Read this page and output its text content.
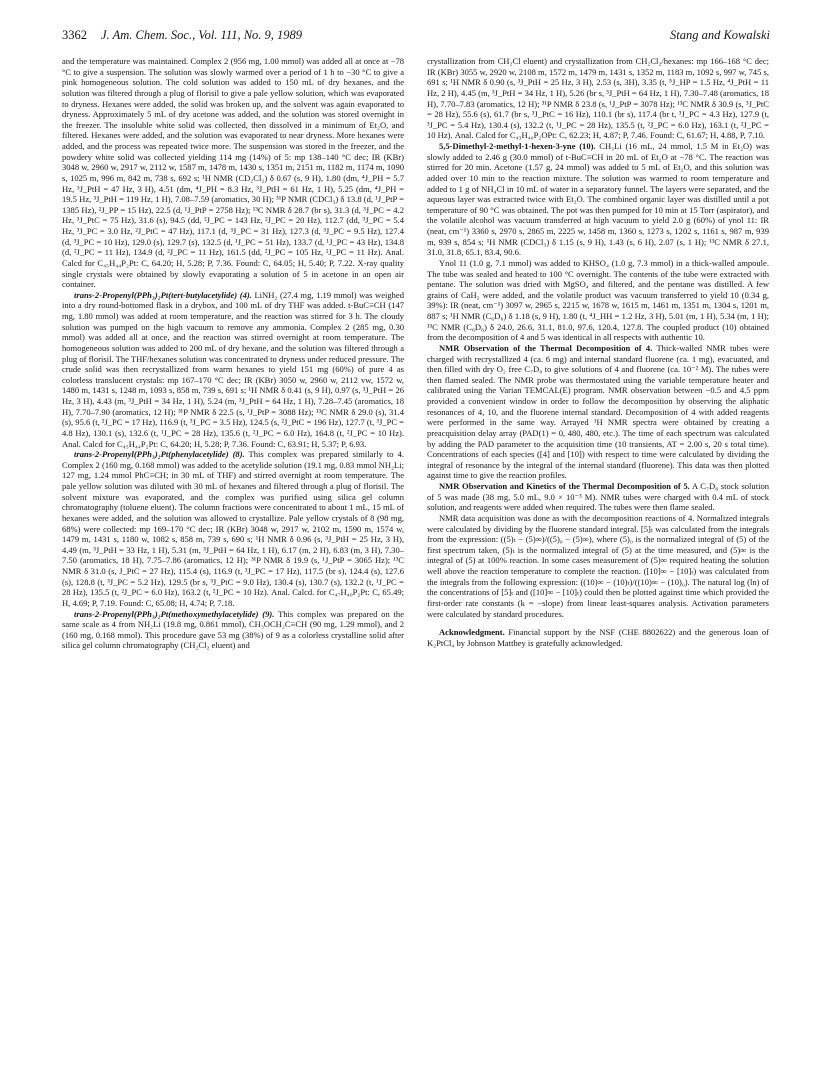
3362 J. Am. Chem. Soc., Vol. 111, No. 9, 1989	Stang and Kowalski

and the temperature was maintained. Complex 2 (956 mg, 1.00 mmol) was added all at once at −78 °C to give a suspension. The solution was slowly warmed over a period of 1 h to −30 °C to give a pink homogeneous solution. The cold solution was added to 150 mL of dry hexanes, and the solution was filtered through a plug of florisil to give a pale yellow solution, which was evaporated to dryness. Hexanes were added, the solid was broken up, and the solvent was again evaporated to dryness. Approximately 5 mL of dry acetone was added, and the solution was stored overnight in the freezer. The insoluble white solid was collected, then dissolved in a minimum of Et₂O, and filtered. Hexanes were added, and the solution was evaporated to near dryness. More hexanes were added, and the process was repeated twice more. The suspension was stored in the freezer, and the powdery white solid was collected yielding 114 mg (14%) of 5: mp 138–140 °C dec; IR (KBr) 3048 w, 2960 w, 2917 w, 2112 w, 1587 m, 1478 m, 1430 s, 1351 m, 2151 m, 1182 m, 1174 m, 1090 s, 1025 m, 996 m, 842 m, 738 s, 692 s; ¹H NMR (CD₂Cl₂) δ 0.67 (s, 9 H), 1.80 (dm, ⁴J_PH = 5.7 Hz, ³J_PtH = 47 Hz, 3 H), 4.51 (dm, ⁴J_PH = 8.3 Hz, ³J_PtH = 61 Hz, 1 H), 5.25 (dm, ⁴J_PH = 19.5 Hz, ³J_PtH = 119 Hz, 1 H), 7.08–7.59 (aromatics, 30 H); ³¹P NMR (CDCl₃) δ 13.8 (d, ¹J_PtP = 1385 Hz), ²J_PP = 15 Hz), 22.5 (d, ¹J_PtP = 2758 Hz); ¹³C NMR δ 28.7 (br s), 31.3 (d, ³J_PC = 4.2 Hz, ³J_PtC = 75 Hz), 31.6 (s), 94.5 (dd, ²J_PC = 143 Hz, ²J_PC = 20 Hz), 112.7 (dd, ³J_PC = 5.4 Hz, ³J_PC = 3.0 Hz, ²J_PtC = 47 Hz), 117.1 (d, ³J_PC = 31 Hz), 127.3 (d, ³J_PC = 9.5 Hz), 127.4 (d, ³J_PC = 10 Hz), 129.0 (s), 129.7 (s), 132.5 (d, ¹J_PC = 51 Hz), 133.7 (d, ¹J_PC = 43 Hz), 134.8 (d, ²J_PC = 11 Hz), 134.9 (d, ²J_PC = 11 Hz), 161.5 (dd, ²J_PC = 105 Hz, ²J_PC = 11 Hz). Anal. Calcd for C₄₅H₄₄P₂Pt: C, 64.20; H, 5.28; P, 7.36. Found: C, 64.05; H, 5.40; P, 7.22. X-ray quality single crystals were obtained by slowly evaporating a solution of 5 in acetone in an open air container.

trans-2-Propenyl(PPh₃)₂Pt(tert-butylacetylide) (4). LiNH₂ (27.4 mg, 1.19 mmol) was weighed into a dry round-bottomed flask in a drybox, and 100 mL of dry THF was added. t-BuC≡CH (147 mg, 1.80 mmol) was added at room temperature, and the reaction was stirred for 3 h. The cloudy solution was pumped on the high vacuum to remove any ammonia. Complex 2 (285 mg, 0.30 mmol) was added all at once, and the reaction was stirred overnight at room temperature. The homogeneous solution was added to 200 mL of dry hexane, and the solution was filtered through a plug of florisil. The THF/hexanes solution was concentrated to dryness under reduced pressure. The crude solid was then recrystallized from warm hexanes to yield 151 mg (60%) of pure 4 as colorless translucent crystals: mp 167–170 °C dec; IR (KBr) 3050 w, 2960 w, 2112 vw, 1572 w, 1480 m, 1431 s, 1248 m, 1093 s, 858 m, 739 s, 691 s; ¹H NMR δ 0.41 (s, 9 H), 0.97 (s, ³J_PtH = 26 Hz, 3 H), 4.43 (m, ³J_PtH = 34 Hz, 1 H), 5.24 (m, ³J_PtH = 64 Hz, 1 H), 7.28–7.45 (aromatics, 18 H), 7.70–7.90 (aromatics, 12 H); ³¹P NMR δ 22.5 (s, ¹J_PtP = 3088 Hz); ¹³C NMR δ 29.0 (s), 31.4 (s), 95.6 (t, ²J_PC = 17 Hz), 116.9 (t, ³J_PC = 3.5 Hz), 124.5 (s, ²J_PtC = 196 Hz), 127.7 (t, ³J_PC = 4.8 Hz), 130.1 (s), 132.6 (t, ¹J_PC = 28 Hz), 135.6 (t, ²J_PC = 6.0 Hz), 164.8 (t, ²J_PC = 10 Hz). Anal. Calcd for C₄₅H₄₄P₂Pt: C, 64.20; H, 5.28; P, 7.36. Found: C, 63.91; H, 5.37; P, 6.93.

trans-2-Propenyl(PPh₃)₂Pt(phenylacetylide) (8). This complex was prepared similarly to 4. Complex 2 (160 mg, 0.168 mmol) was added to the acetylide solution (19.1 mg, 0.83 mmol NH₂Li; 127 mg, 1.24 mmol PhC≡CH; in 30 mL of THF) and stirred overnight at room temperature. The pale yellow solution was diluted with 30 mL of hexanes and filtered through a plug of florisil. The solvent mixture was evaporated, and the complex was purified using silica gel column chromatography (toluene eluent). The column fractions were concentrated to about 1 mL, 15 mL of hexanes were added, and the solution was allowed to crystallize. Pale yellow crystals of 8 (98 mg, 68%) were collected: mp 169–170 °C dec; IR (KBr) 3048 w, 2917 w, 2102 m, 1590 m, 1574 w, 1479 m, 1431 s, 1180 w, 1082 s, 858 m, 739 s, 690 s; ¹H NMR δ 0.96 (s, ³J_PtH = 25 Hz, 3 H), 4.49 (m, ³J_PtH = 33 Hz, 1 H), 5.31 (m, ³J_PtH = 64 Hz, 1 H), 6.17 (m, 2 H), 6.83 (m, 3 H), 7.30–7.50 (aromatics, 18 H), 7.75–7.86 (aromatics, 12 H); ³¹P NMR δ 19.9 (s, ¹J_PtP = 3065 Hz); ¹³C NMR δ 31.0 (s, J_PtC = 27 Hz), 115.4 (s), 116.9 (t, ³J_PC = 17 Hz), 117.5 (br s), 124.4 (s), 127.6 (s), 128.8 (t, ³J_PC = 5.2 Hz), 129.5 (br s, ³J_PtC = 9.0 Hz), 130.4 (s), 130.7 (s), 132.2 (t, ¹J_PC = 28 Hz), 135.5 (t, ²J_PC = 6.0 Hz), 163.2 (t, ²J_PC = 10 Hz). Anal. Calcd. for C₄₇H₄₀P₂Pt: C, 65.49; H, 4.69; P, 7.19. Found: C, 65.08; H, 4.74; P, 7.18.

trans-2-Propenyl(PPh₃)₂Pt(methoxymethylacetylide) (9). This complex was prepared on the same scale as 4 from NH₂Li (19.8 mg, 0.861 mmol), CH₃OCH₂C≡CH (90 mg, 1.29 mmol), and 2 (160 mg, 0.168 mmol). This procedure gave 53 mg (38%) of 9 as a colorless crystalline solid after silica gel column chromatography (CH₂Cl₂ eluent) and

crystallization from CH₂Cl eluent) and crystallization from CH₂Cl₂/hexanes: mp 166–168 °C dec; IR (KBr) 3055 w, 2920 w, 2108 m, 1572 m, 1479 m, 1431 s, 1352 m, 1183 m, 1092 s, 997 w, 745 s, 691 s; ¹H NMR δ 0.90 (s, ³J_PtH = 25 Hz, 3 H), 2.53 (s, 3H), 3.35 (t, ⁵J_HP = 1.5 Hz, ⁴J_PtH = 11 Hz, 2 H), 4.45 (m, ³J_PtH = 34 Hz, 1 H), 5.26 (br s, ³J_PtH = 64 Hz, 1 H), 7.30–7.48 (aromatics, 18 H), 7.70–7.83 (aromatics, 12 H); ³¹P NMR δ 23.8 (s, ¹J_PtP = 3078 Hz); ¹³C NMR δ 30.9 (s, ³J_PtC = 28 Hz), 55.6 (s), 61.7 (br s, ³J_PtC = 16 Hz), 110.1 (br s), 117.4 (br t, ³J_PC = 4.3 Hz), 127.9 (t, ³J_PC = 5.4 Hz), 130.4 (s), 132.2 (t, ¹J_PC = 28 Hz), 135.5 (t, ²J_PC = 6.0 Hz), 163.1 (t, ²J_PC = 10 Hz). Anal. Calcd for C₄₃H₄₀P₂OPt: C, 62.23; H, 4.87; P, 7.46. Found: C, 61.67; H, 4.88, P, 7.10.

5,5-Dimethyl-2-methyl-1-hexen-3-yne (10). CH₃Li (16 mL, 24 mmol, 1.5 M in Et₂O) was slowly added to 2.46 g (30.0 mmol) of t-BuC≡CH in 20 mL of Et₂O at −78 °C. The reaction was stirred for 20 min. Acetone (1.57 g, 24 mmol) was added to 5 mL of Et₂O, and this solution was added over 10 min to the reaction mixture. The solution was warmed to room temperature and added to 1 g of NH₄Cl in 10 mL of water in a separatory funnel. The layers were separated, and the aqueous layer was extracted twice with Et₂O. The combined organic layer was distilled until a pot temperature of 90 °C was obtained. The pot was then pumped for 10 min at 15 Torr (aspirator), and the volatile alcohol was vacuum transferred at high vacuum to yield 2.0 g (60%) of ynol 11: IR (neat, cm⁻¹) 3360 s, 2970 s, 2865 m, 2225 w, 1458 m, 1360 s, 1273 s, 1202 s, 1161 s, 987 m, 939 m, 939 s, 854 s; ¹H NMR (CDCl₃) δ 1.15 (s, 9 H), 1.43 (s, 6 H), 2.07 (s, 1 H); ¹³C NMR δ 27.1, 31.0, 31.8, 65.1, 83.4, 90.6.

Ynol 11 (1.0 g, 7.1 mmol) was added to KHSO₄ (1.0 g, 7.3 mmol) in a thick-walled ampoule. The tube was sealed and heated to 100 °C overnight. The contents of the tube were extracted with pentane. The solution was dried with MgSO₄ and filtered, and the pentane was distilled. A few grains of CaH₂ were added, and the volatile product was vacuum transferred to yield 10 (0.34 g, 39%): IR (neat, cm⁻¹) 3097 w, 2965 s, 2215 w, 1678 w, 1615 m, 1461 m, 1351 m, 1304 s, 1201 m, 887 s; ¹H NMR (C₆D₆) δ 1.18 (s, 9 H), 1.80 (t, ⁴J_HH = 1.2 Hz, 3 H), 5.01 (m, 1 H), 5.34 (m, 1 H); ¹³C NMR (C₆D₆) δ 24.0, 26.6, 31.1, 81.0, 97.6, 120.4, 127.8. The coupled product (10) obtained from the decomposition of 4 and 5 was identical in all respects with authentic 10.

NMR Observation of the Thermal Decomposition of 4. Thick-walled NMR tubes were charged with recrystallized 4 (ca. 6 mg) and internal standard fluorene (ca. 1 mg), evacuated, and then filled with dry O₂ free C₇D₈ to give solutions of 4 and fluorene (ca. 10⁻² M). The tubes were then flamed sealed. The NMR probe was thermostated using the variable temperature heater and calibrated using the Varian TEMCAL(E) program. NMR observation between −0.5 and 4.5 ppm provided a convenient window in order to follow the decomposition by observing the aliphatic resonances of 4, 10, and the fluorene internal standard. Decomposition of 4 with added reagents were performed in the same way. Arrayed ¹H NMR spectra were obtained by creating a preacquisition delay array (PAD(1) = 0, 480, 480, etc.). The time of each spectrum was calculated by adding the PAD parameter to the acquisition time (10 transients, AT = 2.00 s, 20 s total time). Concentrations of each species ([4] and [10]) with respect to time were calculated by dividing the integral of resonance by the integral of the internal standard (fluorene). This data was then plotted against time to give the reaction profiles.

NMR Observation and Kinetics of the Thermal Decomposition of 5. A C₇D₈ stock solution of 5 was made (38 mg, 5.0 mL, 9.0 × 10⁻³ M). NMR tubes were charged with 0.4 mL of stock solution, and reagents were added when required. The tubes were then flame sealed.

NMR data acquisition was done as with the decomposition reactions of 4. Normalized integrals were calculated by dividing by the fluorene standard integral. [5]ₜ was calculated from the integrals from the expression: ((5)ₜ − (5)∞)/((5)₀ − (5)∞), where (5)₀ is the normalized integral of (5) of the first spectrum taken, (5)ₜ is the normalized integral of (5) at the time measured, and (5)∞ is the integral of (5) at 100% reaction. In some cases measurement of (5)∞ required heating the solution well above the reaction temperature to complete the reaction. ([10]∞ − [10]ₜ) was calculated from the integrals from the following expression: ((10)∞ − (10)ₜ)/((10)∞ − (10)₀). The natural log (ln) of the concentrations of [5]ₜ and ([10]∞ − [10]ₜ) could then be plotted against time which provided the first-order rate constants (k = −slope) from linear least-squares analysis. Activation parameters were calculated by standard procedures.

Acknowledgment. Financial support by the NSF (CHE 8802622) and the generous loan of K₂PtCl₄ by Johnson Matthey is gratefully acknowledged.
